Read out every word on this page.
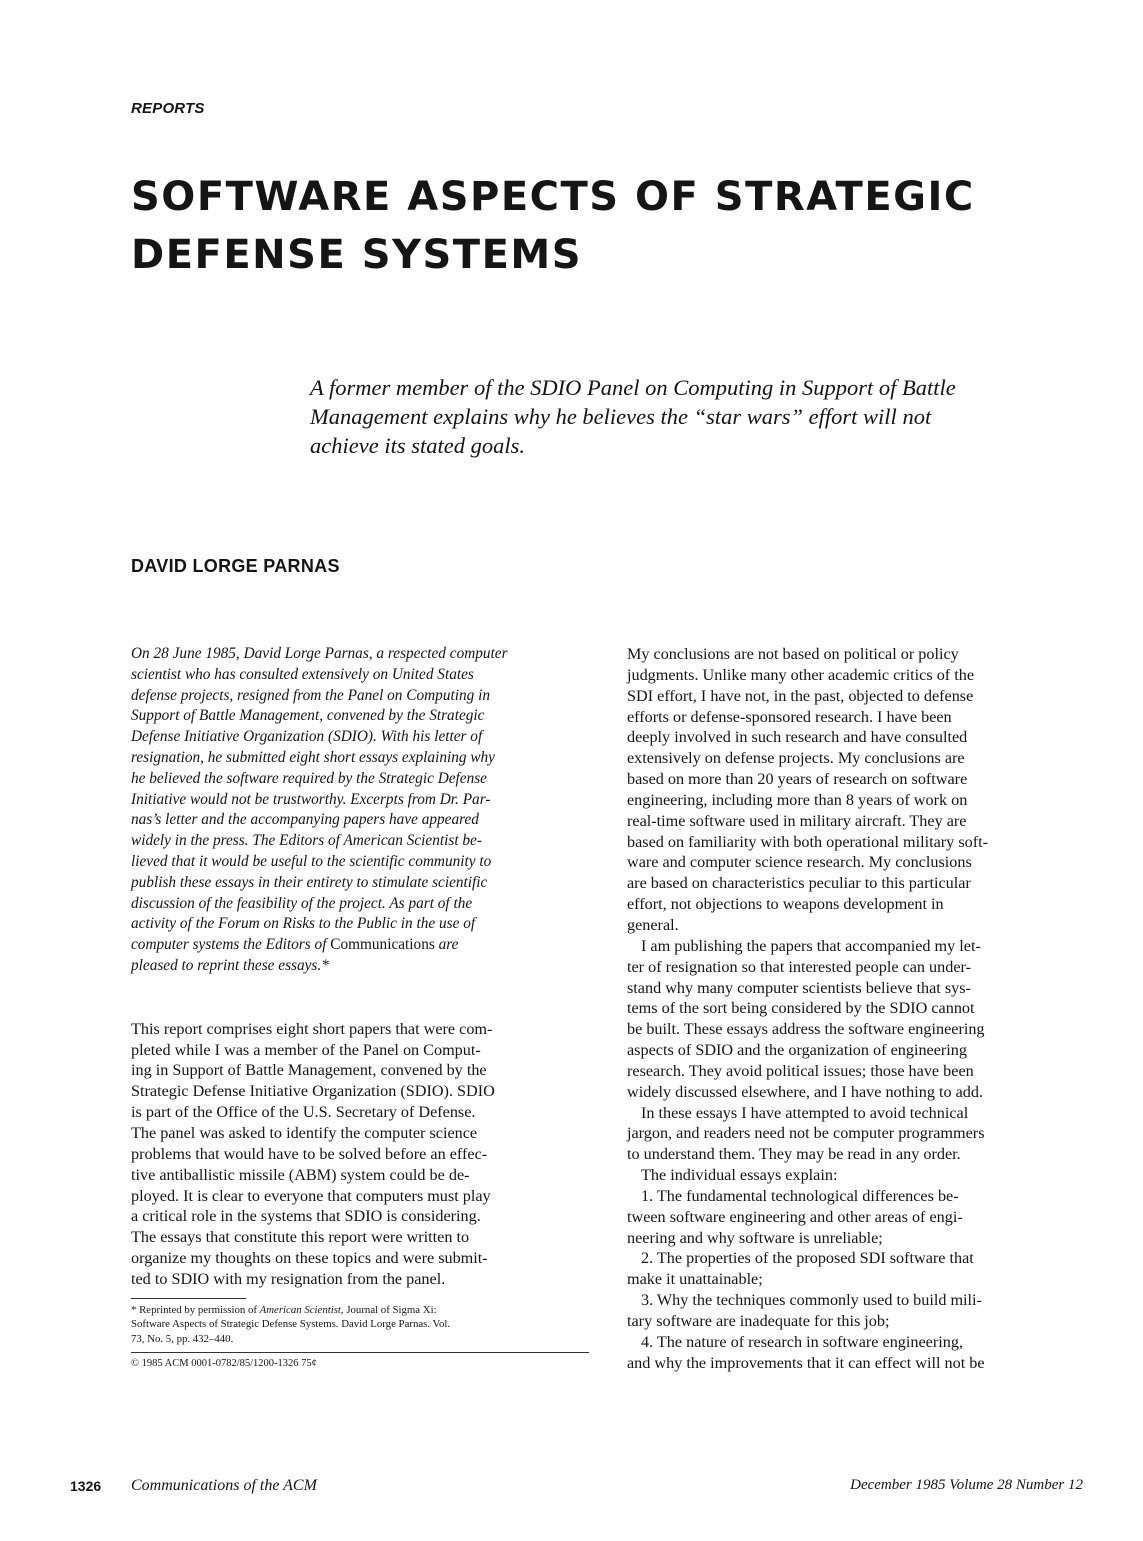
REPORTS
SOFTWARE ASPECTS OF STRATEGIC
DEFENSE SYSTEMS
A former member of the SDIO Panel on Computing in Support of Battle
Management explains why he believes the “star wars” effort will not
achieve its stated goals.
DAVID LORGE PARNAS
On 28 June 1985, David Lorge Parnas, a respected computer
scientist who has consulted extensively on United States
defense projects, resigned from the Panel on Computing in
Support of Battle Management, convened by the Strategic
Defense Initiative Organization (SDIO). With his letter of
resignation, he submitted eight short essays explaining why
he believed the software required by the Strategic Defense
Initiative would not be trustworthy. Excerpts from Dr. Par-
nas’s letter and the accompanying papers have appeared
widely in the press. The Editors of American Scientist be-
lieved that it would be useful to the scientific community to
publish these essays in their entirety to stimulate scientific
discussion of the feasibility of the project. As part of the
activity of the Forum on Risks to the Public in the use of
computer systems the Editors of Communications are
pleased to reprint these essays.*
This report comprises eight short papers that were com-
pleted while I was a member of the Panel on Comput-
ing in Support of Battle Management, convened by the
Strategic Defense Initiative Organization (SDIO). SDIO
is part of the Office of the U.S. Secretary of Defense.
The panel was asked to identify the computer science
problems that would have to be solved before an effec-
tive antiballistic missile (ABM) system could be de-
ployed. It is clear to everyone that computers must play
a critical role in the systems that SDIO is considering.
The essays that constitute this report were written to
organize my thoughts on these topics and were submit-
ted to SDIO with my resignation from the panel.
* Reprinted by permission of American Scientist, Journal of Sigma Xi:
Software Aspects of Strategic Defense Systems. David Lorge Parnas. Vol.
73, No. 5, pp. 432–440.
© 1985 ACM 0001-0782/85/1200-1326 75¢
My conclusions are not based on political or policy
judgments. Unlike many other academic critics of the
SDI effort, I have not, in the past, objected to defense
efforts or defense-sponsored research. I have been
deeply involved in such research and have consulted
extensively on defense projects. My conclusions are
based on more than 20 years of research on software
engineering, including more than 8 years of work on
real-time software used in military aircraft. They are
based on familiarity with both operational military soft-
ware and computer science research. My conclusions
are based on characteristics peculiar to this particular
effort, not objections to weapons development in
general.
I am publishing the papers that accompanied my let-
ter of resignation so that interested people can under-
stand why many computer scientists believe that sys-
tems of the sort being considered by the SDIO cannot
be built. These essays address the software engineering
aspects of SDIO and the organization of engineering
research. They avoid political issues; those have been
widely discussed elsewhere, and I have nothing to add.
In these essays I have attempted to avoid technical
jargon, and readers need not be computer programmers
to understand them. They may be read in any order.
The individual essays explain:
1. The fundamental technological differences be-
tween software engineering and other areas of engi-
neering and why software is unreliable;
2. The properties of the proposed SDI software that
make it unattainable;
3. Why the techniques commonly used to build mili-
tary software are inadequate for this job;
4. The nature of research in software engineering,
and why the improvements that it can effect will not be
1326 Communications of the ACM	December 1985 Volume 28 Number 12
